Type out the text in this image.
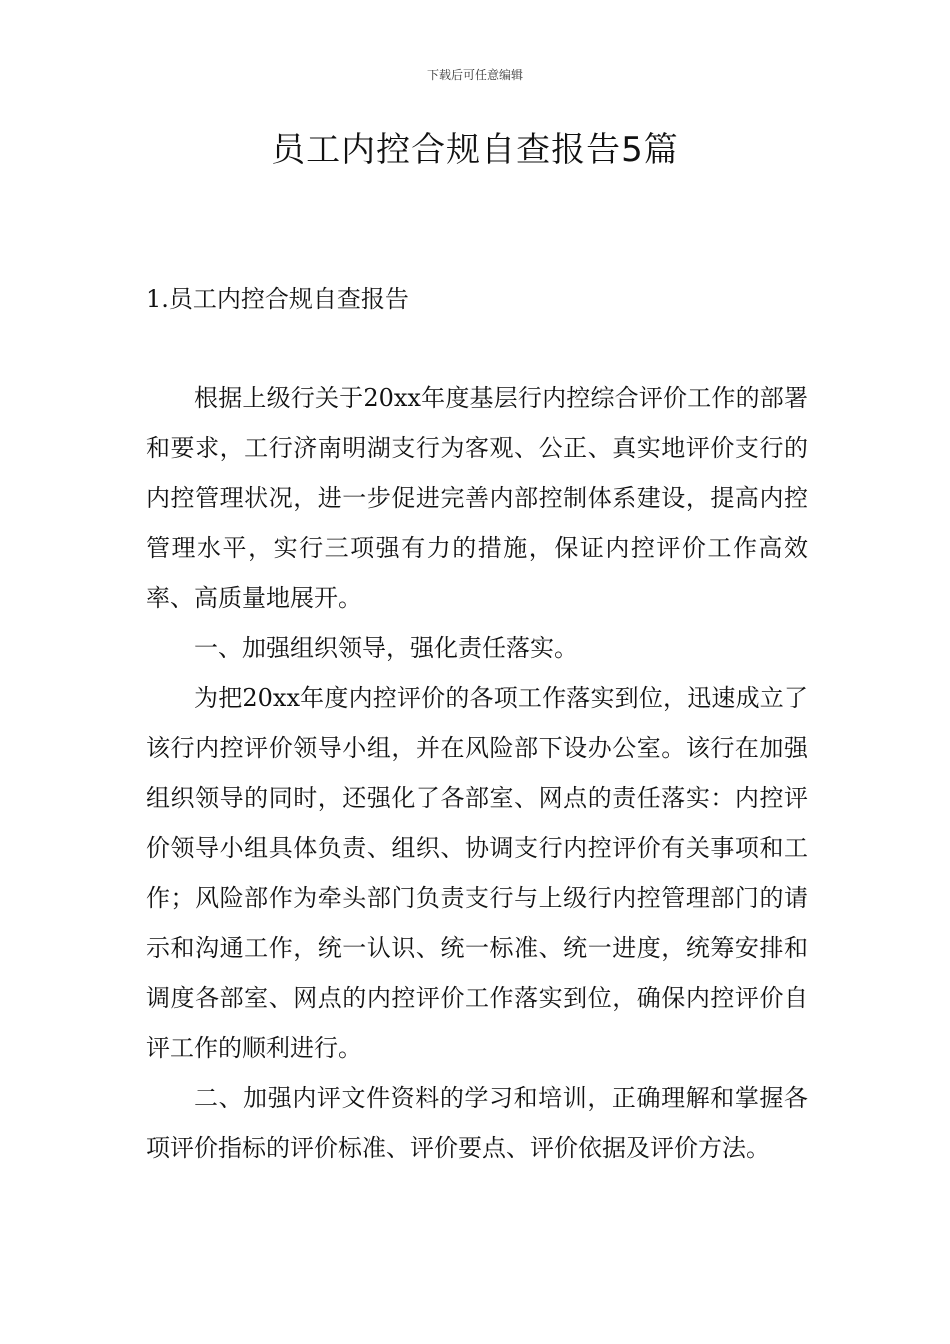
下载后可任意编辑
员工内控合规自查报告5篇
1.员工内控合规自查报告

根据上级行关于20xx年度基层行内控综合评价工作的部署和要求，工行济南明湖支行为客观、公正、真实地评价支行的内控管理状况，进一步促进完善内部控制体系建设，提高内控管理水平，实行三项强有力的措施，保证内控评价工作高效率、高质量地展开。

一、加强组织领导，强化责任落实。

为把20xx年度内控评价的各项工作落实到位，迅速成立了该行内控评价领导小组，并在风险部下设办公室。该行在加强组织领导的同时，还强化了各部室、网点的责任落实：内控评价领导小组具体负责、组织、协调支行内控评价有关事项和工作；风险部作为牵头部门负责支行与上级行内控管理部门的请示和沟通工作，统一认识、统一标准、统一进度，统筹安排和调度各部室、网点的内控评价工作落实到位，确保内控评价自评工作的顺利进行。

二、加强内评文件资料的学习和培训，正确理解和掌握各项评价指标的评价标准、评价要点、评价依据及评价方法。
